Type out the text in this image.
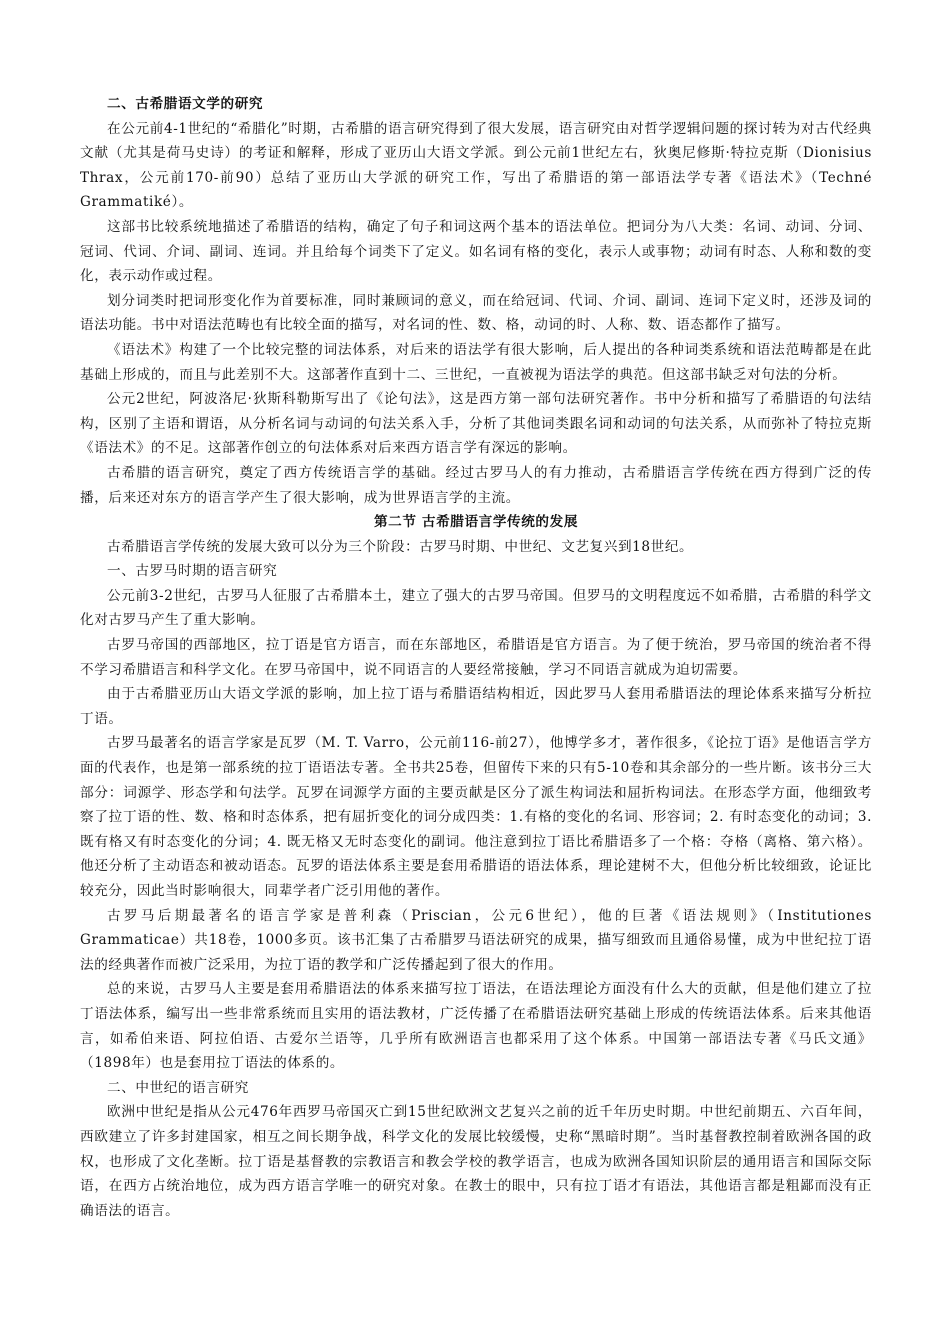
二、古希腊语文学的研究

在公元前4-1世纪的“希腊化”时期，古希腊的语言研究得到了很大发展，语言研究由对哲学逻辑问题的探讨转为对古代经典文献（尤其是荷马史诗）的考证和解释，形成了亚历山大语文学派。到公元前1世纪左右，狄奥尼修斯·特拉克斯（Dionisius Thrax，公元前170-前90）总结了亚历山大学派的研究工作，写出了希腊语的第一部语法学专著《语法术》（Techné Grammatiké）。

这部书比较系统地描述了希腊语的结构，确定了句子和词这两个基本的语法单位。把词分为八大类：名词、动词、分词、冠词、代词、介词、副词、连词。并且给每个词类下了定义。如名词有格的变化，表示人或事物；动词有时态、人称和数的变化，表示动作或过程。

划分词类时把词形变化作为首要标准，同时兼顾词的意义，而在给冠词、代词、介词、副词、连词下定义时，还涉及词的语法功能。书中对语法范畴也有比较全面的描写，对名词的性、数、格，动词的时、人称、数、语态都作了描写。

《语法术》构建了一个比较完整的词法体系，对后来的语法学有很大影响，后人提出的各种词类系统和语法范畴都是在此基础上形成的，而且与此差别不大。这部著作直到十二、三世纪，一直被视为语法学的典范。但这部书缺乏对句法的分析。

公元2世纪，阿波洛尼·狄斯科勒斯写出了《论句法》，这是西方第一部句法研究著作。书中分析和描写了希腊语的句法结构，区别了主语和谓语，从分析名词与动词的句法关系入手，分析了其他词类跟名词和动词的句法关系，从而弥补了特拉克斯《语法术》的不足。这部著作创立的句法体系对后来西方语言学有深远的影响。

古希腊的语言研究，奠定了西方传统语言学的基础。经过古罗马人的有力推动，古希腊语言学传统在西方得到广泛的传播，后来还对东方的语言学产生了很大影响，成为世界语言学的主流。

第二节 古希腊语言学传统的发展

古希腊语言学传统的发展大致可以分为三个阶段：古罗马时期、中世纪、文艺复兴到18世纪。

一、古罗马时期的语言研究

公元前3-2世纪，古罗马人征服了古希腊本土，建立了强大的古罗马帝国。但罗马的文明程度远不如希腊，古希腊的科学文化对古罗马产生了重大影响。

古罗马帝国的西部地区，拉丁语是官方语言，而在东部地区，希腊语是官方语言。为了便于统治，罗马帝国的统治者不得不学习希腊语言和科学文化。在罗马帝国中，说不同语言的人要经常接触，学习不同语言就成为迫切需要。

由于古希腊亚历山大语文学派的影响，加上拉丁语与希腊语结构相近，因此罗马人套用希腊语法的理论体系来描写分析拉丁语。

古罗马最著名的语言学家是瓦罗（M. T. Varro，公元前116-前27），他博学多才，著作很多，《论拉丁语》是他语言学方面的代表作，也是第一部系统的拉丁语语法专著。全书共25卷，但留传下来的只有5-10卷和其余部分的一些片断。该书分三大部分：词源学、形态学和句法学。瓦罗在词源学方面的主要贡献是区分了派生构词法和屈折构词法。在形态学方面，他细致考察了拉丁语的性、数、格和时态体系，把有屈折变化的词分成四类：1.有格的变化的名词、形容词；2. 有时态变化的动词；3. 既有格又有时态变化的分词；4. 既无格又无时态变化的副词。他注意到拉丁语比希腊语多了一个格：夺格（离格、第六格）。他还分析了主动语态和被动语态。瓦罗的语法体系主要是套用希腊语的语法体系，理论建树不大，但他分析比较细致，论证比较充分，因此当时影响很大，同辈学者广泛引用他的著作。

古罗马后期最著名的语言学家是普利森（Priscian，公元6世纪），他的巨著《语法规则》（Institutiones Grammaticae）共18卷，1000多页。该书汇集了古希腊罗马语法研究的成果，描写细致而且通俗易懂，成为中世纪拉丁语法的经典著作而被广泛采用，为拉丁语的教学和广泛传播起到了很大的作用。

总的来说，古罗马人主要是套用希腊语法的体系来描写拉丁语法，在语法理论方面没有什么大的贡献，但是他们建立了拉丁语法体系，编写出一些非常系统而且实用的语法教材，广泛传播了在希腊语法研究基础上形成的传统语法体系。后来其他语言，如希伯来语、阿拉伯语、古爱尔兰语等，几乎所有欧洲语言也都采用了这个体系。中国第一部语法专著《马氏文通》（1898年）也是套用拉丁语法的体系的。

二、中世纪的语言研究

欧洲中世纪是指从公元476年西罗马帝国灭亡到15世纪欧洲文艺复兴之前的近千年历史时期。中世纪前期五、六百年间，西欧建立了许多封建国家，相互之间长期争战，科学文化的发展比较缓慢，史称“黑暗时期”。当时基督教控制着欧洲各国的政权，也形成了文化垄断。拉丁语是基督教的宗教语言和教会学校的教学语言，也成为欧洲各国知识阶层的通用语言和国际交际语，在西方占统治地位，成为西方语言学唯一的研究对象。在教士的眼中，只有拉丁语才有语法，其他语言都是粗鄙而没有正确语法的语言。
